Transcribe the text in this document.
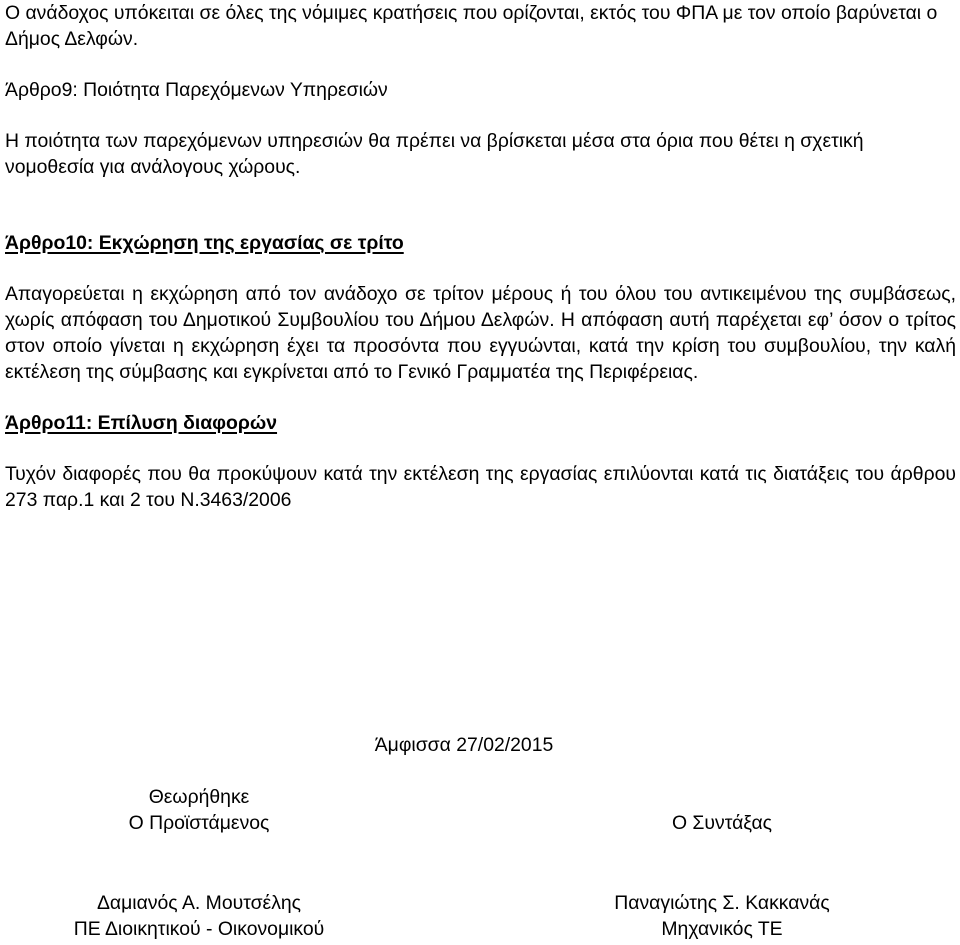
Ο ανάδοχος υπόκειται σε όλες της νόμιμες κρατήσεις που ορίζονται, εκτός του ΦΠΑ με τον οποίο βαρύνεται ο Δήμος Δελφών.

Άρθρο9: Ποιότητα Παρεχόμενων Υπηρεσιών

Η ποιότητα των παρεχόμενων υπηρεσιών θα πρέπει να βρίσκεται μέσα στα όρια που θέτει η σχετική νομοθεσία για ανάλογους χώρους.

Άρθρο10: Εκχώρηση της εργασίας σε τρίτο

Απαγορεύεται η εκχώρηση από τον ανάδοχο σε τρίτον μέρους ή του όλου του αντικειμένου της συμβάσεως, χωρίς απόφαση του Δημοτικού Συμβουλίου του Δήμου Δελφών. Η απόφαση αυτή παρέχεται εφ’ όσον ο τρίτος στον οποίο γίνεται η εκχώρηση έχει τα προσόντα που εγγυώνται, κατά την κρίση του συμβουλίου, την καλή εκτέλεση της σύμβασης και εγκρίνεται από το Γενικό Γραμματέα της Περιφέρειας.

Άρθρο11: Επίλυση διαφορών

Τυχόν διαφορές που θα προκύψουν κατά την εκτέλεση της εργασίας επιλύονται κατά τις διατάξεις του άρθρου 273 παρ.1 και 2 του Ν.3463/2006

Άμφισσα 27/02/2015
Θεωρήθηκε
Ο Προϊστάμενος
Δαμιανός Α. Μουτσέλης
ΠΕ Διοικητικού - Οικονομικού
Ο Συντάξας
Παναγιώτης Σ. Κακκανάς
Μηχανικός ΤΕ
